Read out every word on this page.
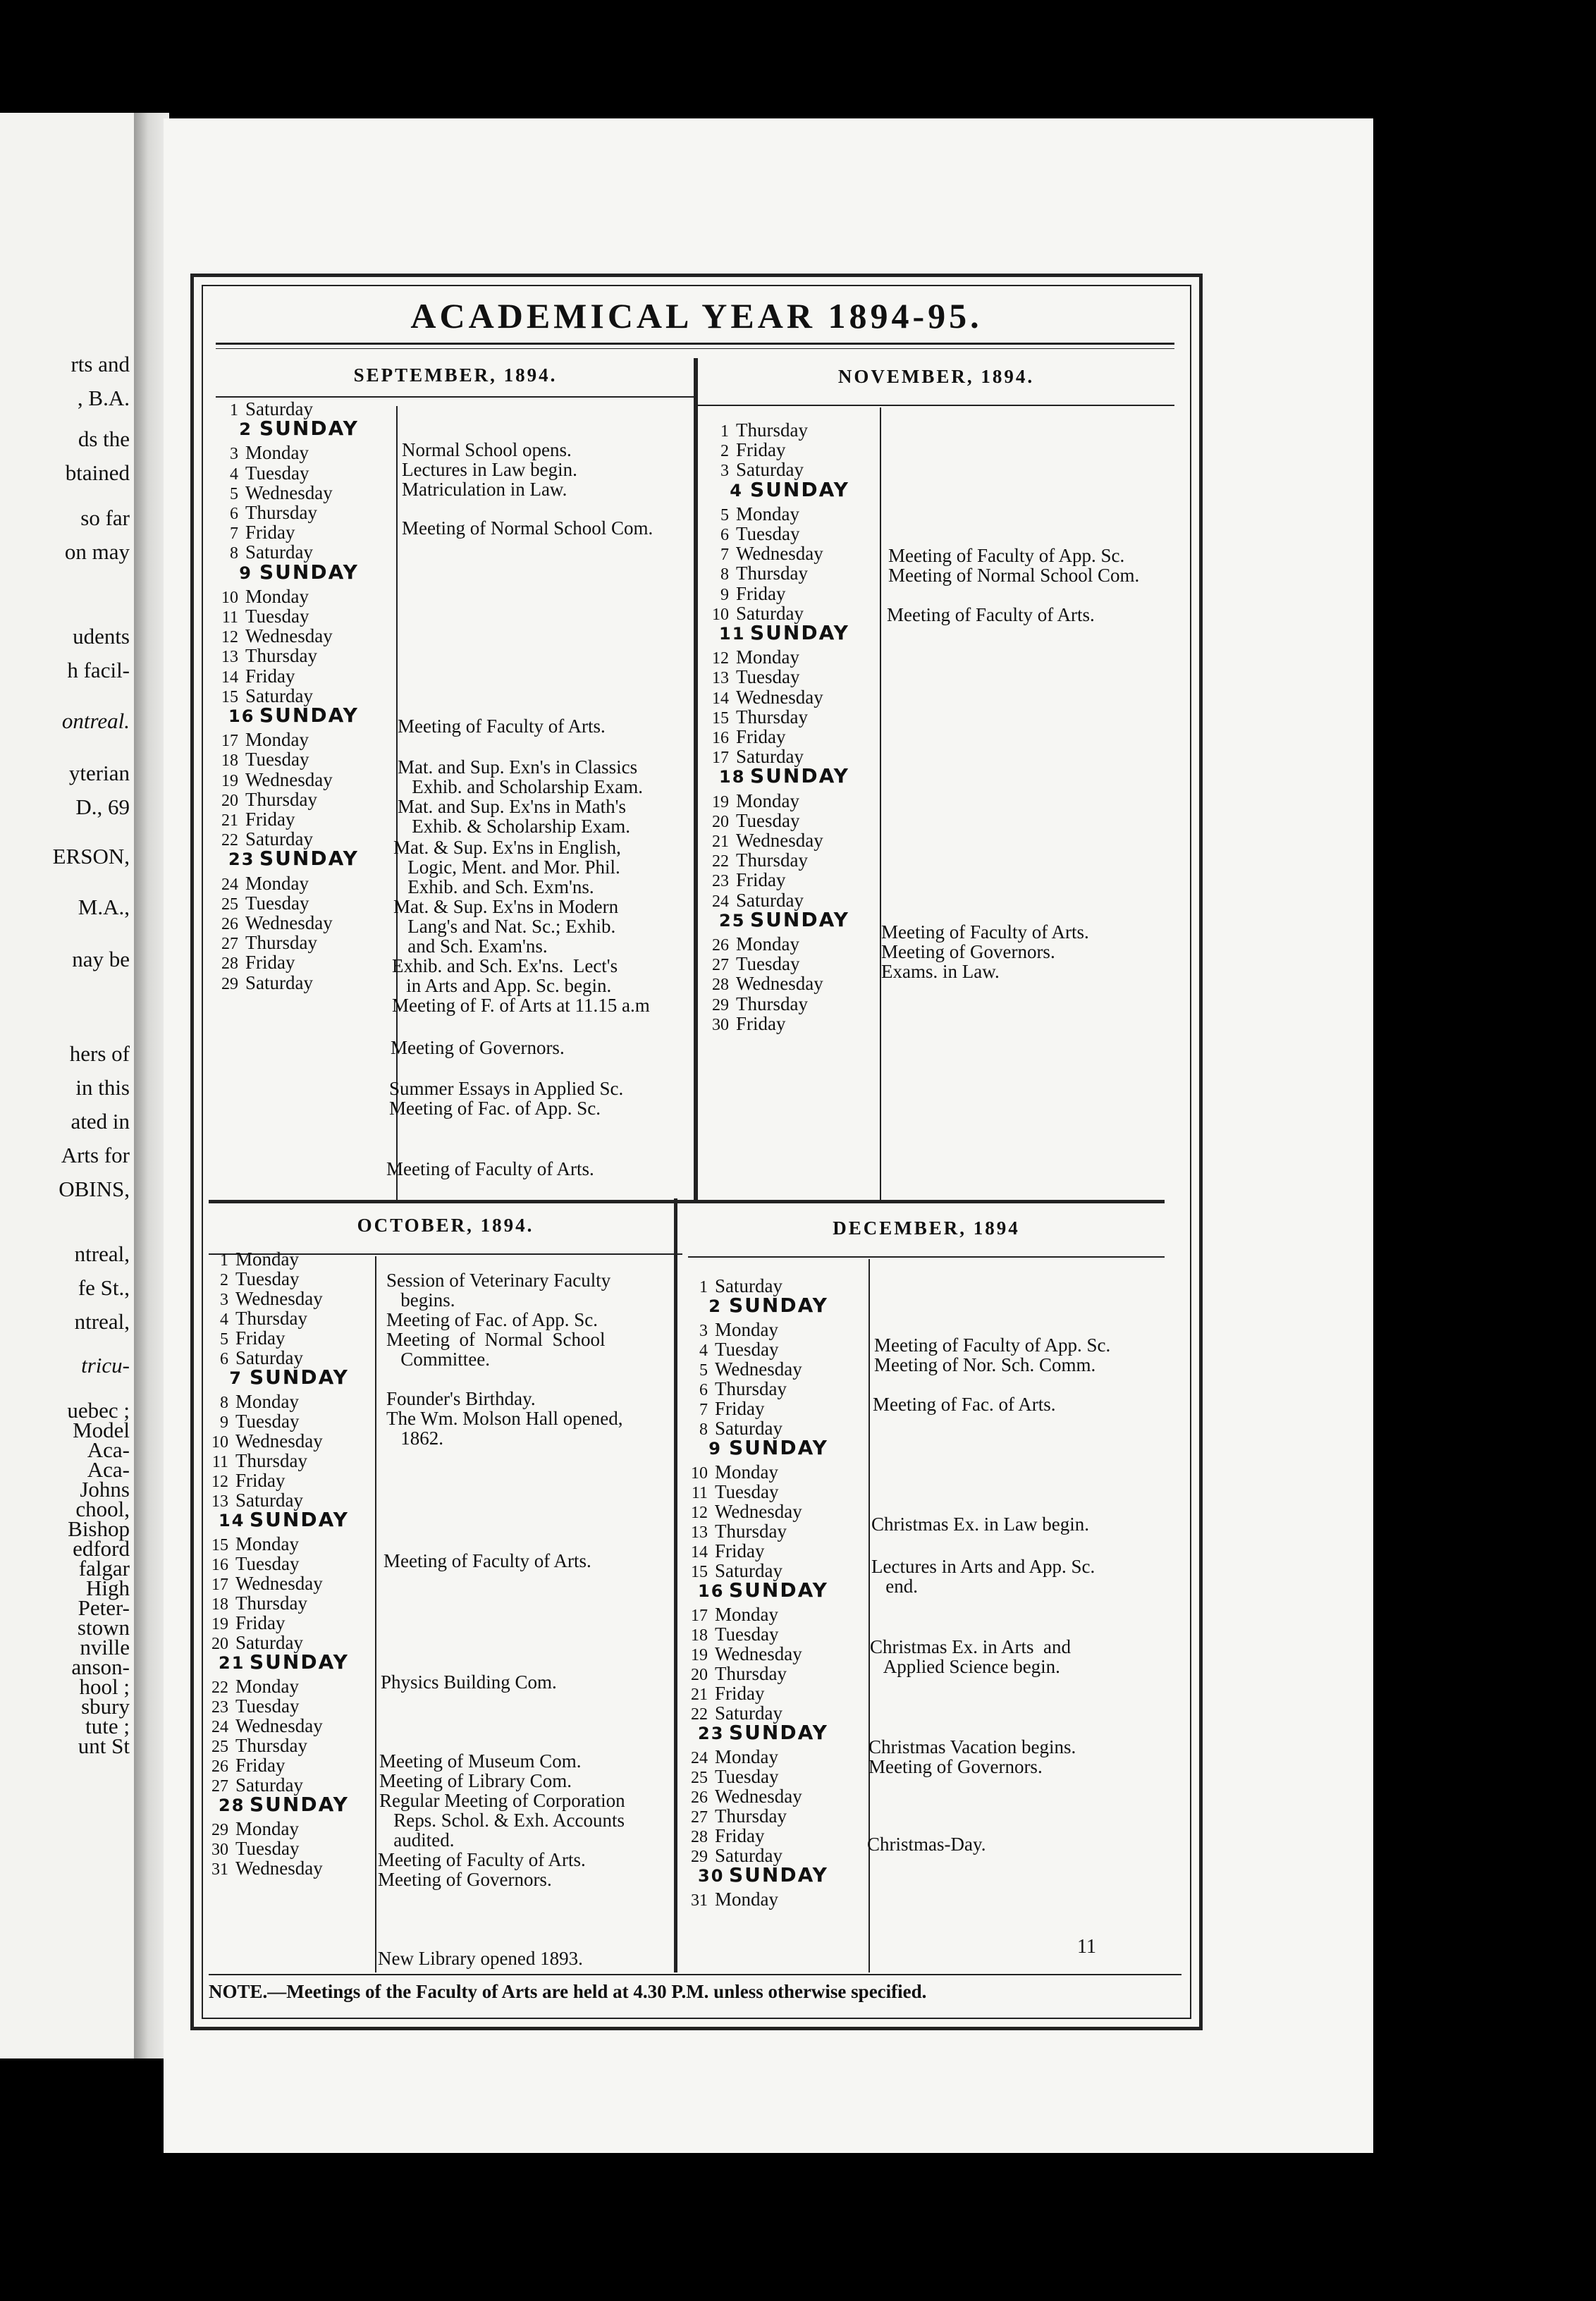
ACADEMICAL YEAR 1894-95.
SEPTEMBER, 1894.	NOVEMBER, 1894.
OCTOBER, 1894.	DECEMBER, 1894
1 Saturday
2 SUNDAY
3 Monday
4 Tuesday
5 Wednesday
6 Thursday
7 Friday
8 Saturday
9 SUNDAY
10 Monday
11 Tuesday
12 Wednesday
13 Thursday
14 Friday
15 Saturday
16 SUNDAY
17 Monday
18 Tuesday
19 Wednesday
20 Thursday
21 Friday
22 Saturday
23 SUNDAY
24 Monday
25 Tuesday
26 Wednesday
27 Thursday
28 Friday
29 Saturday
1 Thursday
2 Friday
3 Saturday
4 SUNDAY
5 Monday
6 Tuesday
7 Wednesday
8 Thursday
9 Friday
10 Saturday
11 SUNDAY
12 Monday
13 Tuesday
14 Wednesday
15 Thursday
16 Friday
17 Saturday
18 SUNDAY
19 Monday
20 Tuesday
21 Wednesday
22 Thursday
23 Friday
24 Saturday
25 SUNDAY
26 Monday
27 Tuesday
28 Wednesday
29 Thursday
30 Friday
1 Monday
2 Tuesday
3 Wednesday
4 Thursday
5 Friday
6 Saturday
7 SUNDAY
8 Monday
9 Tuesday
10 Wednesday
11 Thursday
12 Friday
13 Saturday
14 SUNDAY
15 Monday
16 Tuesday
17 Wednesday
18 Thursday
19 Friday
20 Saturday
21 SUNDAY
22 Monday
23 Tuesday
24 Wednesday
25 Thursday
26 Friday
27 Saturday
28 SUNDAY
29 Monday
30 Tuesday
31 Wednesday
1 Saturday
2 SUNDAY
3 Monday
4 Tuesday
5 Wednesday
6 Thursday
7 Friday
8 Saturday
9 SUNDAY
10 Monday
11 Tuesday
12 Wednesday
13 Thursday
14 Friday
15 Saturday
16 SUNDAY
17 Monday
18 Tuesday
19 Wednesday
20 Thursday
21 Friday
22 Saturday
23 SUNDAY
24 Monday
25 Tuesday
26 Wednesday
27 Thursday
28 Friday
29 Saturday
30 SUNDAY
31 Monday
Normal School opens.
Lectures in Law begin.
Matriculation in Law.
Meeting of Normal School Com.
Meeting of Faculty of Arts.
Mat. and Sup. Exn's in Classics
Exhib. and Scholarship Exam.
Mat. and Sup. Ex'ns in Math's
Exhib. & Scholarship Exam.
Mat. & Sup. Ex'ns in English,
Logic, Ment. and Mor. Phil.
Exhib. and Sch. Exm'ns.
Mat. & Sup. Ex'ns in Modern
Lang's and Nat. Sc.; Exhib.
and Sch. Exam'ns.
Exhib. and Sch. Ex'ns.  Lect's
in Arts and App. Sc. begin.
Meeting of F. of Arts at 11.15 a.m
Meeting of Governors.
Summer Essays in Applied Sc.
Meeting of Fac. of App. Sc.
Meeting of Faculty of Arts.
Meeting of Faculty of App. Sc.
Meeting of Normal School Com.
Meeting of Faculty of Arts.
Meeting of Faculty of Arts.
Meeting of Governors.
Exams. in Law.
Session of Veterinary Faculty
begins.
Meeting of Fac. of App. Sc.
Meeting  of  Normal  School
Committee.
Founder's Birthday.
The Wm. Molson Hall opened,
1862.
Meeting of Faculty of Arts.
Physics Building Com.
Meeting of Museum Com.
Meeting of Library Com.
Regular Meeting of Corporation
Reps. Schol. & Exh. Accounts
audited.
Meeting of Faculty of Arts.
Meeting of Governors.
New Library opened 1893.
Meeting of Faculty of App. Sc.
Meeting of Nor. Sch. Comm.
Meeting of Fac. of Arts.
Christmas Ex. in Law begin.
Lectures in Arts and App. Sc.
end.
Christmas Ex. in Arts  and
Applied Science begin.
Christmas Vacation begins.
Meeting of Governors.
Christmas-Day.
11
NOTE.—Meetings of the Faculty of Arts are held at 4.30 P.M. unless otherwise specified.
rts and
, B.A.
ds the
btained
so far
on may
udents
h facil-
ontreal.
yterian
D., 69
ERSON,
M.A.,
nay be
hers of
in this
ated in
Arts for
OBINS,
ntreal,
fe St.,
ntreal,
tricu-
uebec ;
Model
Aca-
Aca-
Johns
chool,
Bishop
edford
falgar
High
Peter-
stown
nville
anson-
hool ;
sbury
tute ;
unt St
